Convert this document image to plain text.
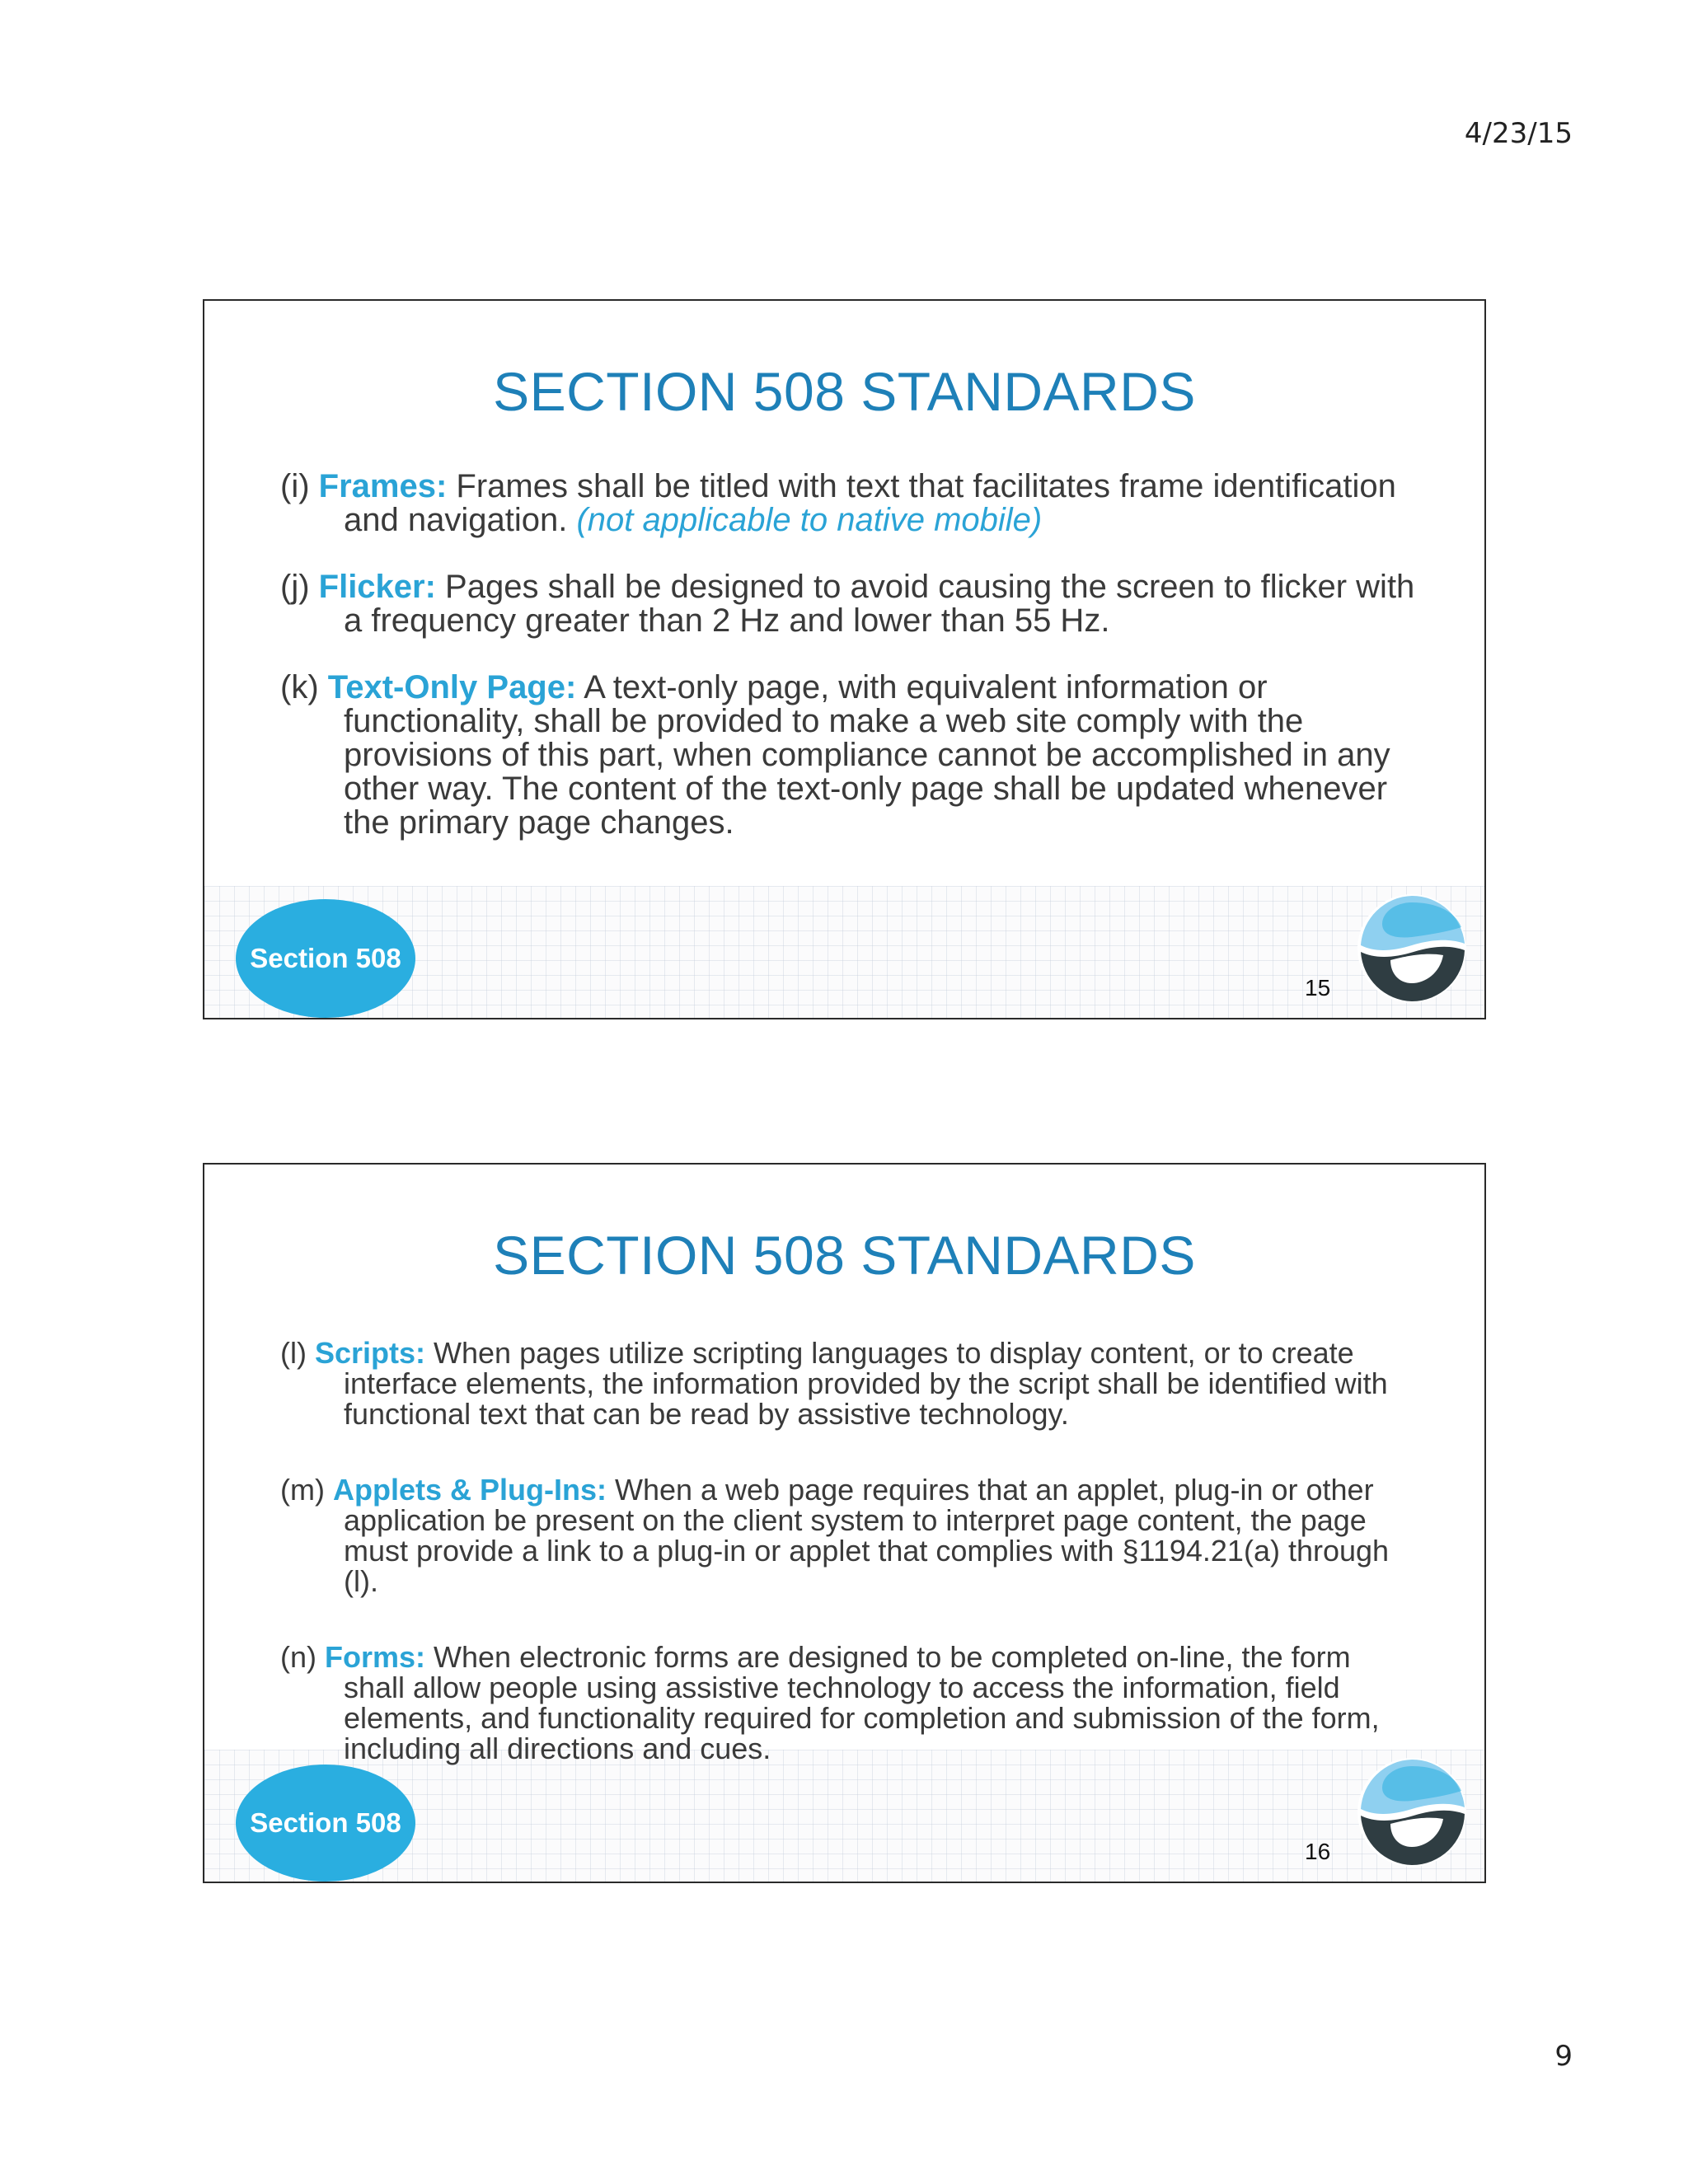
4/23/15
SECTION 508 STANDARDS

(i) Frames: Frames shall be titled with text that facilitates frame identification and navigation. (not applicable to native mobile)

(j) Flicker: Pages shall be designed to avoid causing the screen to flicker with a frequency greater than 2 Hz and lower than 55 Hz.

(k) Text-Only Page: A text-only page, with equivalent information or functionality, shall be provided to make a web site comply with the provisions of this part, when compliance cannot be accomplished in any other way. The content of the text-only page shall be updated whenever the primary page changes.

Section 508
15
SECTION 508 STANDARDS

(l) Scripts: When pages utilize scripting languages to display content, or to create interface elements, the information provided by the script shall be identified with functional text that can be read by assistive technology.

(m) Applets & Plug-Ins: When a web page requires that an applet, plug-in or other application be present on the client system to interpret page content, the page must provide a link to a plug-in or applet that complies with §1194.21(a) through (l).

(n) Forms: When electronic forms are designed to be completed on-line, the form shall allow people using assistive technology to access the information, field elements, and functionality required for completion and submission of the form, including all directions and cues.

Section 508
16
9
